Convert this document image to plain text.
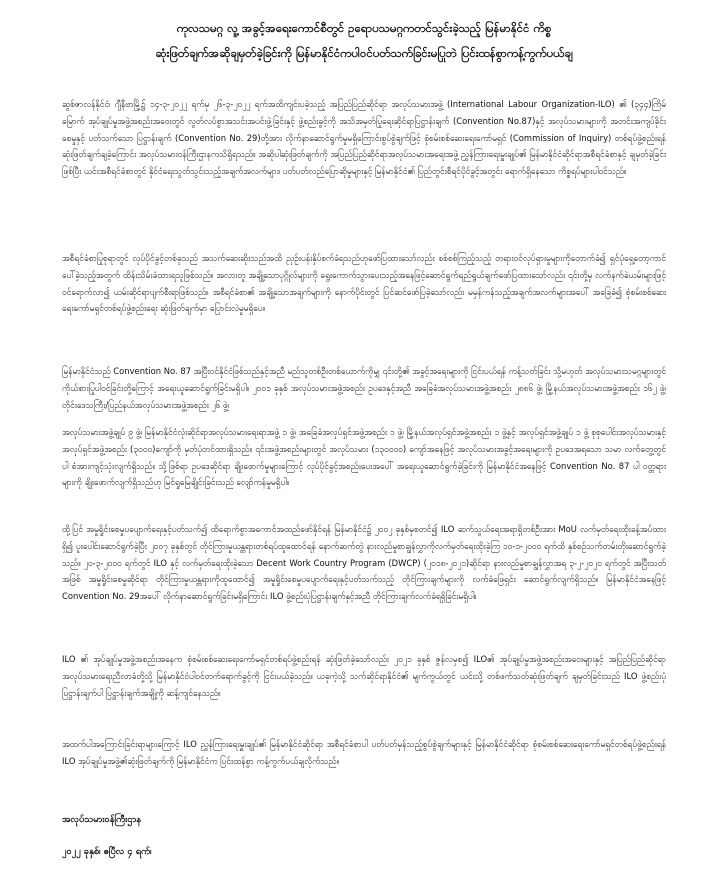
ကုလသမဂ္ဂ လူ့ အခွင့်အရေးကောင်စီတွင် ဥရောပသမဂ္ဂကတင်သွင်းခဲ့သည့် မြန်မာနိုင်ငံ ကိစ္စ

ဆုံးဖြတ်ချက်အဆိုချမှတ်ခဲ့ခြင်းကို မြန်မာနိုင်ငံကပါဝင်ပတ်သက်ခြင်းမပြုဘဲ ပြင်းထန်စွာကန့်ကွက်ပယ်ချ

ဆွစ်ဇာလန်နိုင်ငံ၊ ဂျီနီဗာမြို့၌ ၁၄-၃-၂၀၂၂ ရက်မှ ၂၆-၃-၂၀၂၂ ရက်အထိကျင်းပခဲ့သည့် အပြည်ပြည်ဆိုင်ရာ အလုပ်သမားအဖွဲ့ (International Labour Organization-ILO) ၏ (၃၄၄)ကြိမ်မြောက် အုပ်ချုပ်မှုအဖွဲ့အစည်းအဝေးတွင် လွတ်လပ်စွာအသင်းအပင်းဖွဲ့ခြင်းနှင့် ဖွဲ့စည်းခွင့်ကို အသိအမှတ်ပြုရေးဆိုင်ရာပြဋ္ဌာန်းချက် (Convention No.87)နှင့် အလုပ်သမားများကို အတင်းအကျပ်ခိုင်းစေမှုနှင့် ပတ်သက်သော ပြဋ္ဌာန်းချက် (Convention No. 29)တို့အား လိုက်နာဆောင်ရွက်မှုမရှိကြောင်းစွပ်စွဲချက်ဖြင့် စုံစမ်းစစ်ဆေးရေးကော်မရှင် (Commission of Inquiry) တစ်ရပ်ဖွဲ့စည်းရန် ဆုံးဖြတ်ချက်ချခဲ့ကြောင်း အလုပ်သမားဝန်ကြီးဌာနကသိရှိရသည်။ အဆိုပါဆုံးဖြတ်ချက်ကို အပြည်ပြည်ဆိုင်ရာအလုပ်သမားအရေးအဖွဲ့ ညွှန်ကြားရေးမှူးချုပ်၏ မြန်မာနိုင်ငံဆိုင်ရာအစီရင်ခံစာနှင့် ချမှတ်ခဲ့ခြင်းဖြစ်ပြီး ယင်းအစီရင်ခံစာတွင် နိုင်ငံရေးသွတ်သွင်းသည့်အချက်အလက်များ၊ ပတ်ပတ်လည်ပြောဆိုမှုများနှင့် မြန်မာနိုင်ငံ၏ ပြည်တွင်းစီရင်ပိုင်ခွင့်အတွင်း ရောက်ရှိနေသော ကိစ္စရပ်များပါဝင်သည်။

အစီရင်ခံစာပြုစုရာတွင် လုပ်ပိုင်ခွင့်တစ်ခုသည် အသက်ဆေးဆိုးသည်အထိ ညှဉ်းပန်းနှိပ်စက်ခံရသည်ဟုဖော်ပြထားသော်လည်း စစ်စစ်ကြည့်သည့် တရားဝင်လုပ်ရှားမှုများကိုတောက်ခံ၍ ရှင်ပုံရှေ့တော့ကာင်ပေါ်ခဲ့သည့်အတွက် ထိန်းသိမ်းခံထားရသူဖြစ်သည်။ အလားတူ အချို့သောပုဂ္ဂိုလ်များကို ရွေးကောက်သွားပေးသည့်အနေဖြင့်ဆောင်ရွက်ရည်ရွယ်ချက်ဖော်ပြထားသော်လည်း ၎င်းတို့မှ လက်နက်ခဲယမ်းများဖြင့် ဝင်ရောက်လာ၍ ယမ်းဆိုင်ရာပျက်စီးရာဖြစ်သည်။ အစီရင်ခံစာ၏ အချို့သောအချက်များကို နောက်ပိုင်းတွင် ပြင်ဆင်ဖော်ပြခဲ့သော်လည်း မမှန်ကန်သည့်အချက်အလက်များအပေါ် အခြေခံ၍ စုံစမ်းစစ်ဆေးရေးကော်မရှင်တစ်ရပ်ဖွဲ့စည်းရေး ဆုံးဖြတ်ချက်မှာ ပြောင်းလဲမှုမရှိပေ။

မြန်မာနိုင်ငံသည် Convention No. 87 အပြီးဝင်နိုင်ငံဖြစ်သည်နှင့်အညီ မည်သူတစ်ဦးတစ်ယောက်ကိုမျှ ၎င်းတို့၏ အခွင့်အရေးများကို ငြင်းပယ်ရန် ကန့်သတ်ခြင်း သို့မဟုတ် အလုပ်သမားသမဂ္ဂများတွင် ကိုယ်စားပြုပါဝင်ခြင်းတို့ကြောင့် အရေးယူဆောင်ရွက်ခြင်းမရှိပါ။ ၂၀၀၁ ခုနှစ် အလုပ်သမားအဖွဲ့အစည်း ဥပဒေနှင့်အညီ အခြေခံအလုပ်သမားအဖွဲ့အစည်း ၂၈၈၆ ဖွဲ့၊ မြို့နယ်အလုပ်သမားအဖွဲ့အစည်း ၁၆၂ ဖွဲ့၊ တိုင်းဒေသကြီး/ပြည်နယ်အလုပ်သမားအဖွဲ့အစည်း ၂၆ ဖွဲ့၊

အလုပ်သမားအဖွဲ့ချုပ် ၉ ဖွဲ့၊ မြန်မာနိုင်ငံလုံးဆိုင်ရာအလုပ်သမားရေးရာအဖွဲ့ ၁ ဖွဲ့၊ အခြေခံအလုပ်ရှင်အဖွဲ့အစည်း ၁ ဖွဲ့၊ မြို့နယ်အလုပ်ရှင်အဖွဲ့အစည်း ၁ ဖွဲ့နှင့် အလုပ်ရှင်အဖွဲ့ချုပ် ၁ ဖွဲ့ စုစုပေါင်းအလုပ်သမားနှင့် အလုပ်ရှင်အဖွဲ့အစည်း (၃၀၀၀)ကျော်ကို မှတ်ပုံတင်ထားရှိသည်။ ၎င်းအဖွဲ့အစည်းများတွင် အလုပ်သမား (၁၃၀၀၀၀) ကျော်အနေဖြင့် အလုပ်သမားအခွင့်အရေးများကို ဥပဒေအရသော သမာ လက်တွေ့တွင်ပါ စံအားကျင့်သုံးလျက်ရှိသည်။ သို့ဖြစ်ရာ ဥပဒေဆိုင်ရာ ချိုးဖောက်မှုများကြောင့် လုပ်ပိုင်ခွင့်အစည်းပေးအပေါ် အရေးယူဆောင်ရွက်ခဲ့ခြင်းကို မြန်မာနိုင်ငံအနေဖြင့် Convention No. 87 ပါ ဝတ္တရားများကို ချိုးဖောက်လျက်ရှိသည်ဟု မြင်ရှုမြေချိုင်းခြင်းသည် လျော်ကန်မှုမရှိပါ။

ထို့ပြင် အမှုရှိုင်းစေမှုပပျောက်ရေးနှင့်ပတ်သက်၍ ထိရောက်စွာအကောင်အထည်ဖော်နိုင်ရန် မြန်မာနိုင်ငံ၌ ၂၀၀၂ ခုနှစ်မှစတင်၍ ILO ဆက်သွယ်ရေးအရာရှိတစ်ဦးအား MoU လက်မှတ်ရေးထိုးခန့်အပ်ထားရှိ၍ ပူးပေါင်းဆောင်ရွက်ခဲ့ပြီး ၂၀၀၇ ခုနှစ်တွင် တိုင်ကြားမှုယန္တရားတစ်ရပ်ထူထောင်ရန် နောက်ဆက်တွဲ နားလည်မှုစာချွန်လွှာကိုလက်မှတ်ရေးထိုးခဲ့ကြ ၁၀-၁-၂၀၀၀ ရက်ထိ နှစ်စဉ်သက်တမ်းတိုးဆောင်ရွက်ခဲ့သည်။ ၂၀-၃-၂၀၀၀ ရက်တွင် ILO နှင့် လက်မှတ်ရေးထိုးခဲ့သော Decent Work Country Program (DWCP) (၂၀၁၈-၂၀၂၁)ဆိုင်ရာ နားလည်မှုစာချွန်လွှာအရ ၃-၂-၂၀၂၀ ရက်တွင် အပြီးသတ်အဖြစ် အမှုရှိုင်းစေမှုဆိုင်ရာ တိုင်ကြားမှုယန္တရားကိုထူထောင်၍ အမှုရှိုင်းစေမှုပပျောက်ရေးနှင့်ပတ်သက်သည့် တိုင်ကြားချက်များကို လက်ခံဖြေရှင်း ဆောင်ရွက်လျက်ရှိသည်။ မြန်မာနိုင်ငံအနေဖြင့် Convention No. 29အပေါ် လိုက်နာဆောင်ရွက်ခြင်းမရှိကြောင်း ILO ဖွဲ့စည်းပုံပြဋ္ဌာန်းချက်နှင့်အညီ တိုင်ကြားချက်လက်ခံရရှိခြင်းမရှိပါ။

ILO ၏ အုပ်ချုပ်မှုအဖွဲ့အစည်းအနေက စုံစမ်းစစ်ဆေးရေးကော်မရှင်တစ်ရပ်ဖွဲ့စည်းရန် ဆုံးဖြတ်ခဲ့သော်လည်း ၂၀၂၁ ခုနှစ် ဇွန်လမှစ၍ ILO၏ အုပ်ချုပ်မှုအဖွဲ့အစည်းအဝေးများနှင့် အပြည်ပြည်ဆိုင်ရာအလုပ်သမားရေးညီလာခံတို့သို့ မြန်မာနိုင်ငံပါဝင်တက်ရောက်ခွင့်ကို ငြင်းပယ်ခဲ့သည်။ ယခုကဲ့သို့ သက်ဆိုင်ရာနိုင်ငံ၏ မျက်ကွယ်တွင် ယင်းသို့ တစ်ဖက်သတ်ဆုံးဖြတ်ချက် ချမှတ်ခြင်းသည် ILO ဖွဲ့စည်းပုံပြဋ္ဌာန်းချက်ပါ ပြဋ္ဌာန်းချက်အချို့ကို ဆန့်ကျင်နေသည်။

အထက်ပါအကြောင်းခြင်းရာများကြောင့် ILO ညွှန်ကြားရေးမှူးချုပ်၏ မြန်မာနိုင်ငံဆိုင်ရာ အစီရင်ခံစာပါ ပတ်ပတ်မှန်သည့်စွပ်စွဲချက်များနှင့် မြန်မာနိုင်ငံဆိုင်ရာ စုံစမ်းစစ်ဆေးရေးကော်မရှင်တစ်ရပ်ဖွဲ့စည်းရန် ILO အုပ်ချုပ်မှုအဖွဲ့၏ဆုံးဖြတ်ချက်ကို မြန်မာနိုင်ငံက ပြင်းထန်စွာ ကန့်ကွက်ပယ်ချလိုက်သည်။

အလုပ်သမားဝန်ကြီးဌာန
၂၀၂၂ ခုနှစ်၊ ဧပြီလ ၄ ရက်၊
